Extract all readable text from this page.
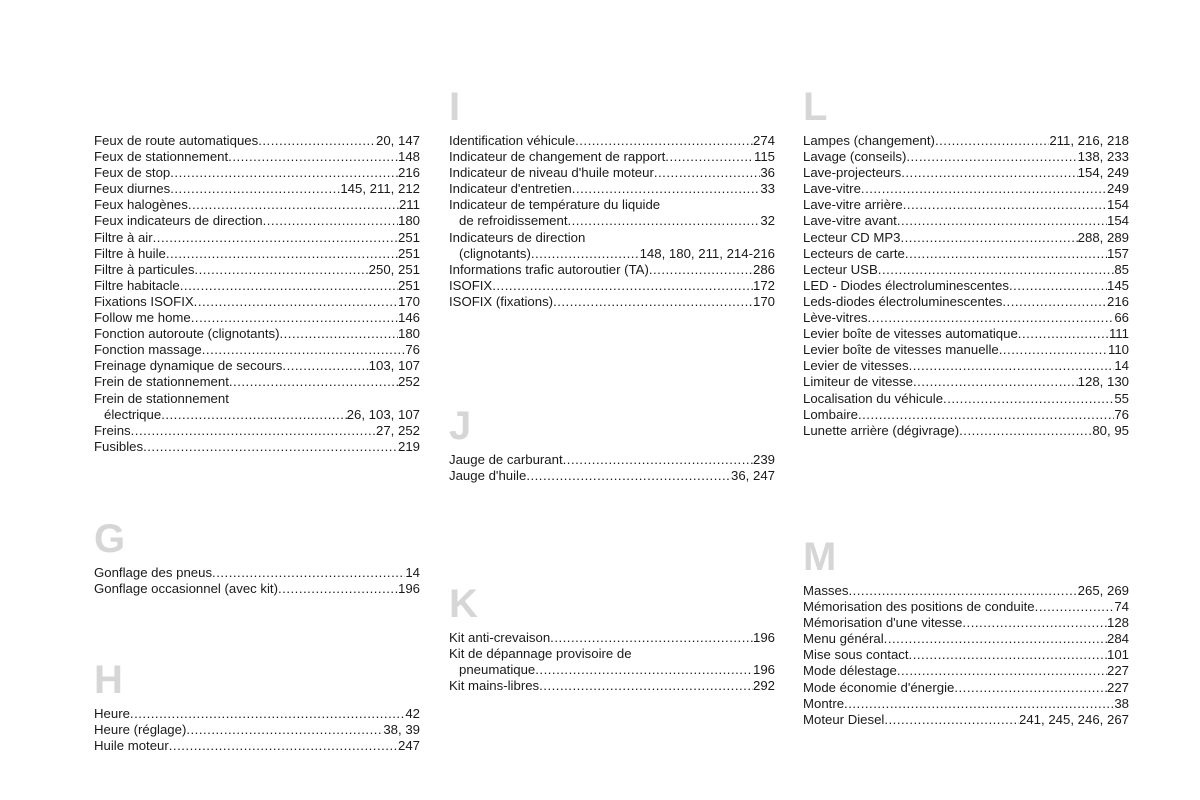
Feux de route automatiques .....	20, 147
Feux de stationnement .....	148
Feux de stop .....	216
Feux diurnes .....	145, 211, 212
Feux halogènes .....	211
Feux indicateurs de direction .....	180
Filtre à air .....	251
Filtre à huile .....	251
Filtre à particules .....	250, 251
Filtre habitacle .....	251
Fixations ISOFIX .....	170
Follow me home .....	146
Fonction autoroute (clignotants) .....	180
Fonction massage .....	76
Freinage dynamique de secours .....	103, 107
Frein de stationnement .....	252
Frein de stationnement
électrique .....	26, 103, 107
Freins .....	27, 252
Fusibles .....	219
G
Gonflage des pneus .....	14
Gonflage occasionnel (avec kit) .....	196
H
Heure .....	42
Heure (réglage) .....	38, 39
Huile moteur .....	247
I
Identification véhicule .....	274
Indicateur de changement de rapport .....	115
Indicateur de niveau d'huile moteur .....	36
Indicateur d'entretien .....	33
Indicateur de température du liquide
de refroidissement .....	32
Indicateurs de direction
(clignotants) .....	148, 180, 211, 214-216
Informations trafic autoroutier (TA) .....	286
ISOFIX .....	172
ISOFIX (fixations) .....	170
J
Jauge de carburant .....	239
Jauge d'huile .....	36, 247
K
Kit anti-crevaison .....	196
Kit de dépannage provisoire de
pneumatique .....	196
Kit mains-libres .....	292
L
Lampes (changement) .....	211, 216, 218
Lavage (conseils) .....	138, 233
Lave-projecteurs .....	154, 249
Lave-vitre .....	249
Lave-vitre arrière .....	154
Lave-vitre avant .....	154
Lecteur CD MP3 .....	288, 289
Lecteurs de carte .....	157
Lecteur USB .....	85
LED - Diodes électroluminescentes .....	145
Leds-diodes électroluminescentes .....	216
Lève-vitres .....	66
Levier boîte de vitesses automatique .....	111
Levier boîte de vitesses manuelle .....	110
Levier de vitesses .....	14
Limiteur de vitesse .....	128, 130
Localisation du véhicule .....	55
Lombaire .....	76
Lunette arrière (dégivrage) .....	80, 95
M
Masses .....	265, 269
Mémorisation des positions de conduite .....	74
Mémorisation d'une vitesse .....	128
Menu général .....	284
Mise sous contact .....	101
Mode délestage .....	227
Mode économie d'énergie .....	227
Montre .....	38
Moteur Diesel .....	241, 245, 246, 267
